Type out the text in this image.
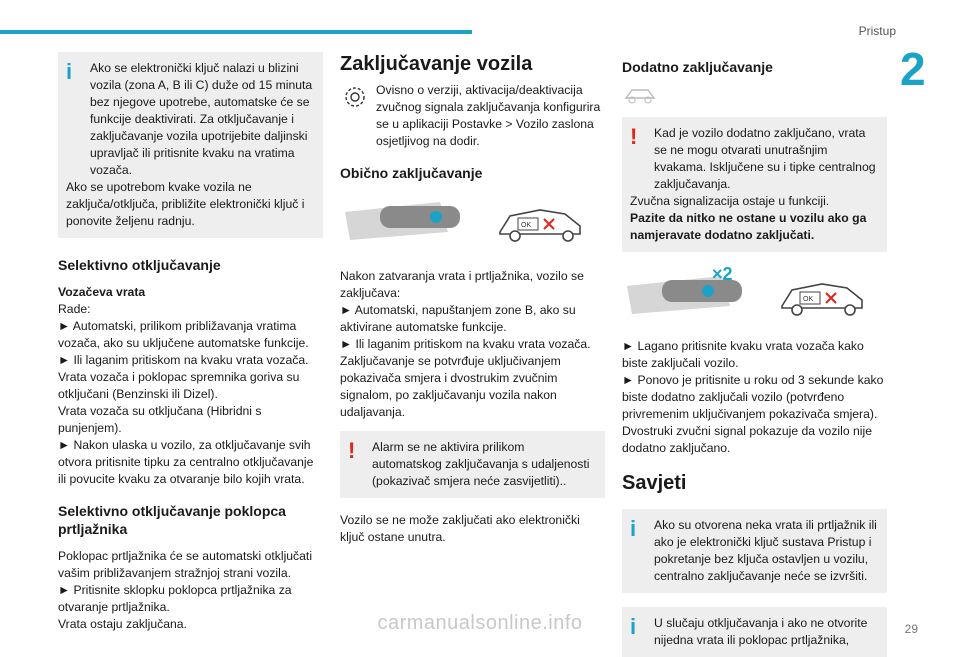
Pristup
2
i	Ako se elektronički ključ nalazi u blizini vozila (zona A, B ili C) duže od 15 minuta bez njegove upotrebe, automatske će se funkcije deaktivirati. Za otključavanje i zaključavanje vozila upotrijebite daljinski upravljač ili pritisnite kvaku na vratima vozača.

Ako se upotrebom kvake vozila ne zaključa/otključa, približite elektronički ključ i ponovite željenu radnju.

Selektivno otključavanje
Vozačeva vrata

Rade:

► Automatski, prilikom približavanja vratima vozača, ako su uključene automatske funkcije.

► Ili laganim pritiskom na kvaku vrata vozača.

Vrata vozača i poklopac spremnika goriva su otključani (Benzinski ili Dizel).

Vrata vozača su otključana (Hibridni s punjenjem).

► Nakon ulaska u vozilo, za otključavanje svih otvora pritisnite tipku za centralno otključavanje ili povucite kvaku za otvaranje bilo kojih vrata.

Selektivno otključavanje poklopca prtljažnika

Poklopac prtljažnika će se automatski otključati vašim približavanjem stražnjoj strani vozila.

► Pritisnite sklopku poklopca prtljažnika za otvaranje prtljažnika.

Vrata ostaju zaključana.

Zaključavanje vozila

Ovisno o verziji, aktivacija/deaktivacija zvučnog signala zaključavanja konfigurira se u aplikaciji Postavke > Vozilo zaslona osjetljivog na dodir.

Obično zaključavanje
OK

Nakon zatvaranja vrata i prtljažnika, vozilo se zaključava:

► Automatski, napuštanjem zone B, ako su aktivirane automatske funkcije.

► Ili laganim pritiskom na kvaku vrata vozača.

Zaključavanje se potvrđuje uključivanjem pokazivača smjera i dvostrukim zvučnim signalom, po zaključavanju vozila nakon udaljavanja.

!	Alarm se ne aktivira prilikom automatskog zaključavanja s udaljenosti (pokazivač smjera neće zasvijetliti)..

Vozilo se ne može zaključati ako elektronički ključ ostane unutra.

Dodatno zaključavanje
!	Kad je vozilo dodatno zaključano, vrata se ne mogu otvarati unutrašnjim kvakama. Isključene su i tipke centralnog zaključavanja.

Zvučna signalizacija ostaje u funkciji.

Pazite da nitko ne ostane u vozilu ako ga namjeravate dodatno zaključati.

×2
OK

► Lagano pritisnite kvaku vrata vozača kako biste zaključali vozilo.

► Ponovo je pritisnite u roku od 3 sekunde kako biste dodatno zaključali vozilo (potvrđeno privremenim uključivanjem pokazivača smjera).

Dvostruki zvučni signal pokazuje da vozilo nije dodatno zaključano.

Savjeti
i	Ako su otvorena neka vrata ili prtljažnik ili ako je elektronički ključ sustava Pristup i pokretanje bez ključa ostavljen u vozilu, centralno zaključavanje neće se izvršiti.

i	U slučaju otključavanja i ako ne otvorite nijedna vrata ili poklopac prtljažnika,

carmanualsonline.info	29
